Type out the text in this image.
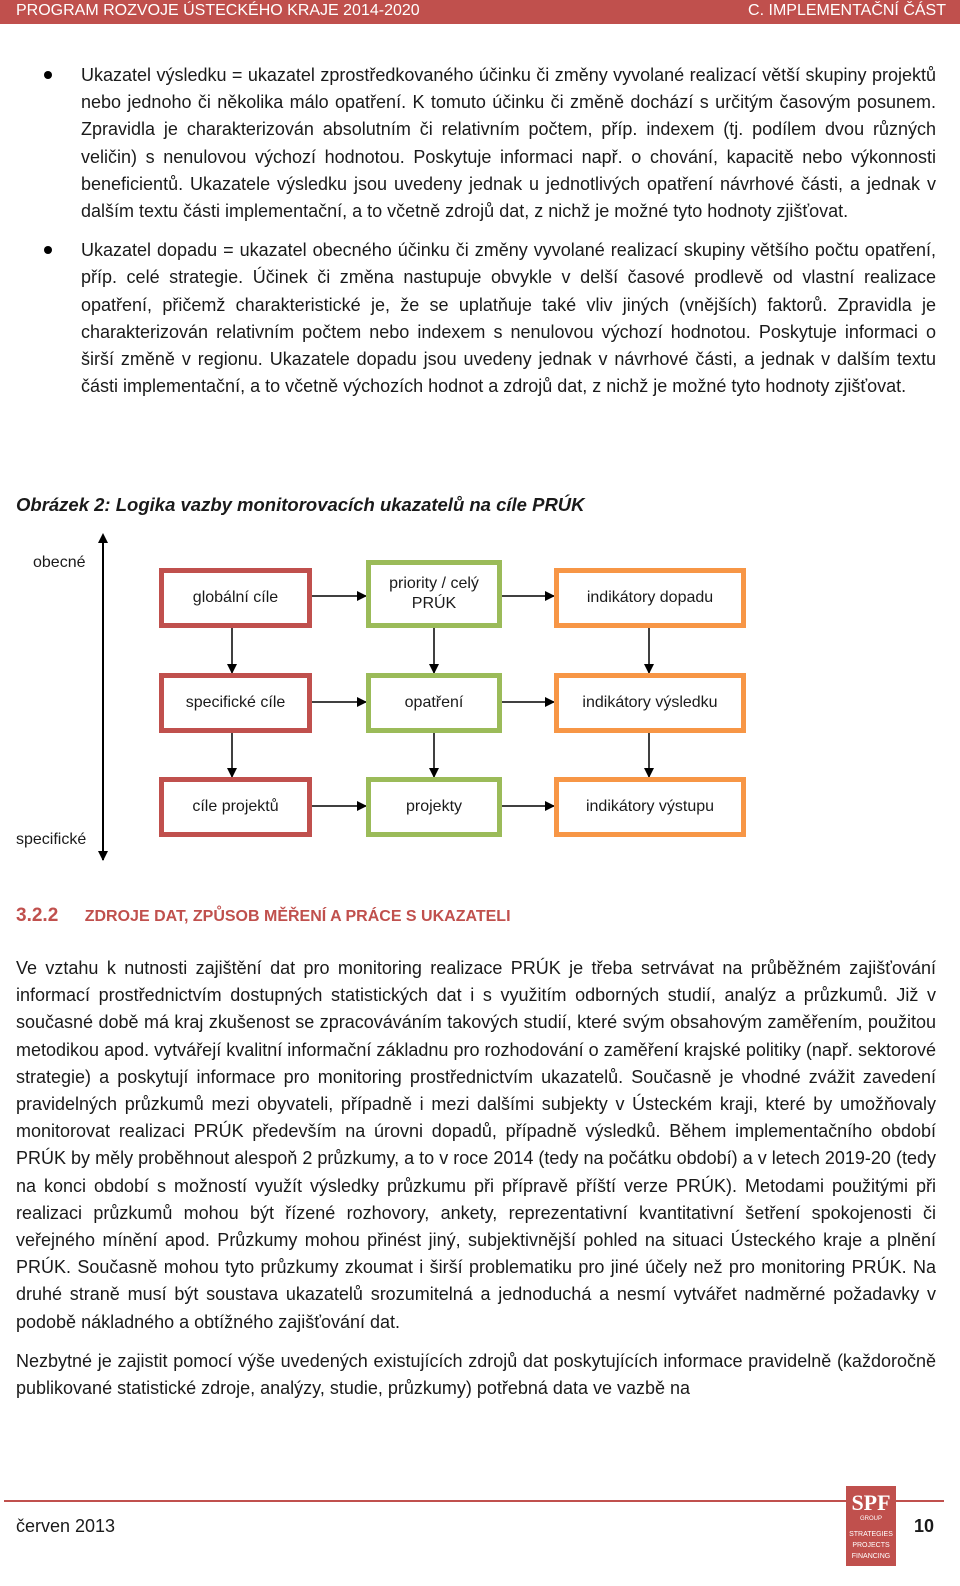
PROGRAM ROZVOJE ÚSTECKÉHO KRAJE 2014-2020	C. IMPLEMENTAČNÍ ČÁST

Ukazatel výsledku = ukazatel zprostředkovaného účinku či změny vyvolané realizací větší skupiny projektů nebo jednoho či několika málo opatření. K tomuto účinku či změně dochází s určitým časovým posunem. Zpravidla je charakterizován absolutním či relativním počtem, příp. indexem (tj. podílem dvou různých veličin) s nenulovou výchozí hodnotou. Poskytuje informaci např. o chování, kapacitě nebo výkonnosti beneficientů. Ukazatele výsledku jsou uvedeny jednak u jednotlivých opatření návrhové části, a jednak v dalším textu části implementační, a to včetně zdrojů dat, z nichž je možné tyto hodnoty zjišťovat.

Ukazatel dopadu = ukazatel obecného účinku či změny vyvolané realizací skupiny většího počtu opatření, příp. celé strategie. Účinek či změna nastupuje obvykle v delší časové prodlevě od vlastní realizace opatření, přičemž charakteristické je, že se uplatňuje také vliv jiných (vnějších) faktorů. Zpravidla je charakterizován relativním počtem nebo indexem s nenulovou výchozí hodnotou. Poskytuje informaci o širší změně v regionu. Ukazatele dopadu jsou uvedeny jednak v návrhové části, a jednak v dalším textu části implementační, a to včetně výchozích hodnot a zdrojů dat, z nichž je možné tyto hodnoty zjišťovat.

Obrázek 2: Logika vazby monitorovacích ukazatelů na cíle PRÚK
obecné
specifické
globální cíle
priority / celý PRÚK	indikátory dopadu
specifické cíle	opatření	indikátory výsledku
cíle projektů	projekty	indikátory výstupu
3.2.2 ZDROJE DAT, ZPŮSOB MĚŘENÍ A PRÁCE S UKAZATELI

Ve vztahu k nutnosti zajištění dat pro monitoring realizace PRÚK je třeba setrvávat na průběžném zajišťování informací prostřednictvím dostupných statistických dat i s využitím odborných studií, analýz a průzkumů. Již v současné době má kraj zkušenost se zpracováváním takových studií, které svým obsahovým zaměřením, použitou metodikou apod. vytvářejí kvalitní informační základnu pro rozhodování o zaměření krajské politiky (např. sektorové strategie) a poskytují informace pro monitoring prostřednictvím ukazatelů. Současně je vhodné zvážit zavedení pravidelných průzkumů mezi obyvateli, případně i mezi dalšími subjekty v Ústeckém kraji, které by umožňovaly monitorovat realizaci PRÚK především na úrovni dopadů, případně výsledků. Během implementačního období PRÚK by měly proběhnout alespoň 2 průzkumy, a to v roce 2014 (tedy na počátku období) a v letech 2019-20 (tedy na konci období s možností využít výsledky průzkumu při přípravě příští verze PRÚK). Metodami použitými při realizaci průzkumů mohou být řízené rozhovory, ankety, reprezentativní kvantitativní šetření spokojenosti či veřejného mínění apod. Průzkumy mohou přinést jiný, subjektivnější pohled na situaci Ústeckého kraje a plnění PRÚK. Současně mohou tyto průzkumy zkoumat i širší problematiku pro jiné účely než pro monitoring PRÚK. Na druhé straně musí být soustava ukazatelů srozumitelná a jednoduchá a nesmí vytvářet nadměrné požadavky v podobě nákladného a obtížného zajišťování dat.

Nezbytné je zajistit pomocí výše uvedených existujících zdrojů dat poskytujících informace pravidelně (každoročně publikované statistické zdroje, analýzy, studie, průzkumy) potřebná data ve vazbě na

červen 2013	10
SPF
GROUP
STRATEGIES
PROJECTS
FINANCING
